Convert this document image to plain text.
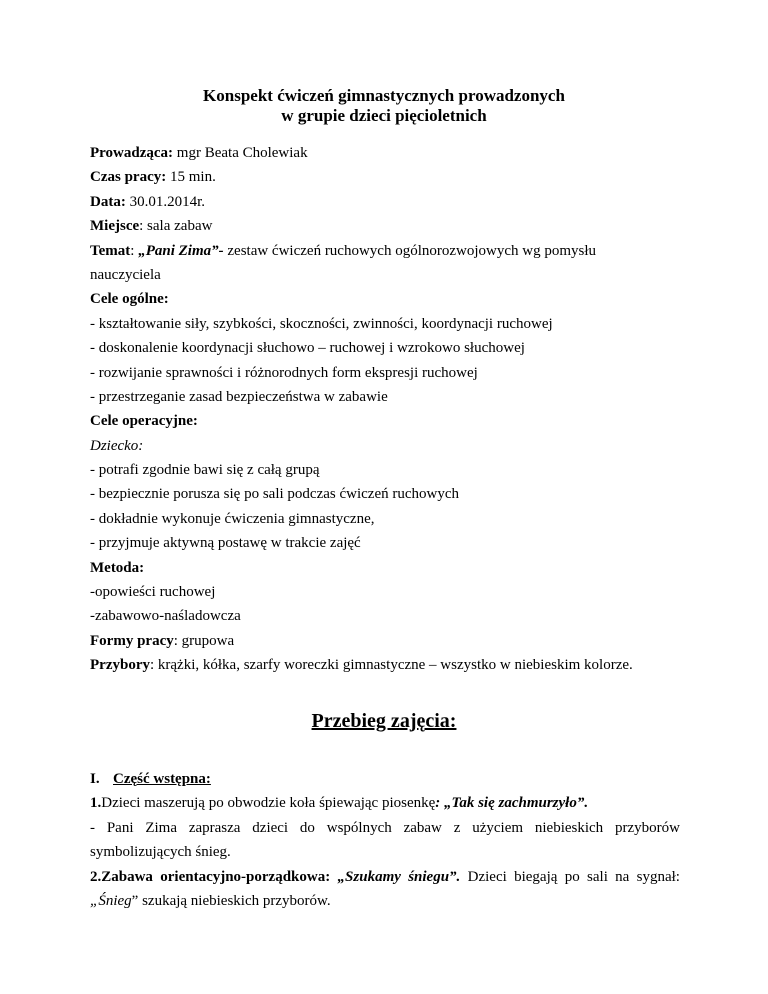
Konspekt ćwiczeń gimnastycznych prowadzonych
w grupie dzieci pięcioletnich
Prowadząca: mgr Beata Cholewiak
Czas pracy: 15 min.
Data: 30.01.2014r.
Miejsce: sala zabaw
Temat: „Pani Zima”- zestaw ćwiczeń ruchowych ogólnorozwojowych wg pomysłu
nauczyciela
Cele ogólne:
- kształtowanie siły, szybkości, skoczności, zwinności, koordynacji ruchowej
- doskonalenie koordynacji słuchowo – ruchowej i wzrokowo słuchowej
- rozwijanie sprawności i różnorodnych form ekspresji ruchowej
- przestrzeganie zasad bezpieczeństwa w zabawie
Cele operacyjne:
Dziecko:
- potrafi zgodnie bawi się z całą grupą
- bezpiecznie porusza się po sali podczas ćwiczeń ruchowych
- dokładnie wykonuje ćwiczenia gimnastyczne,
- przyjmuje aktywną postawę w trakcie zajęć
Metoda:
-opowieści ruchowej
-zabawowo-naśladowcza
Formy pracy: grupowa
Przybory: krążki, kółka, szarfy woreczki gimnastyczne – wszystko w niebieskim kolorze.
Przebieg zajęcia:
I. Część wstępna:
1.Dzieci maszerują po obwodzie koła śpiewając piosenkę: „Tak się zachmurzyło”.
- Pani Zima zaprasza dzieci do wspólnych zabaw z użyciem niebieskich przyborów
symbolizujących śnieg.
2.Zabawa orientacyjno-porządkowa: „Szukamy śniegu”. Dzieci biegają po sali na sygnał:
„Śnieg” szukają niebieskich przyborów.
